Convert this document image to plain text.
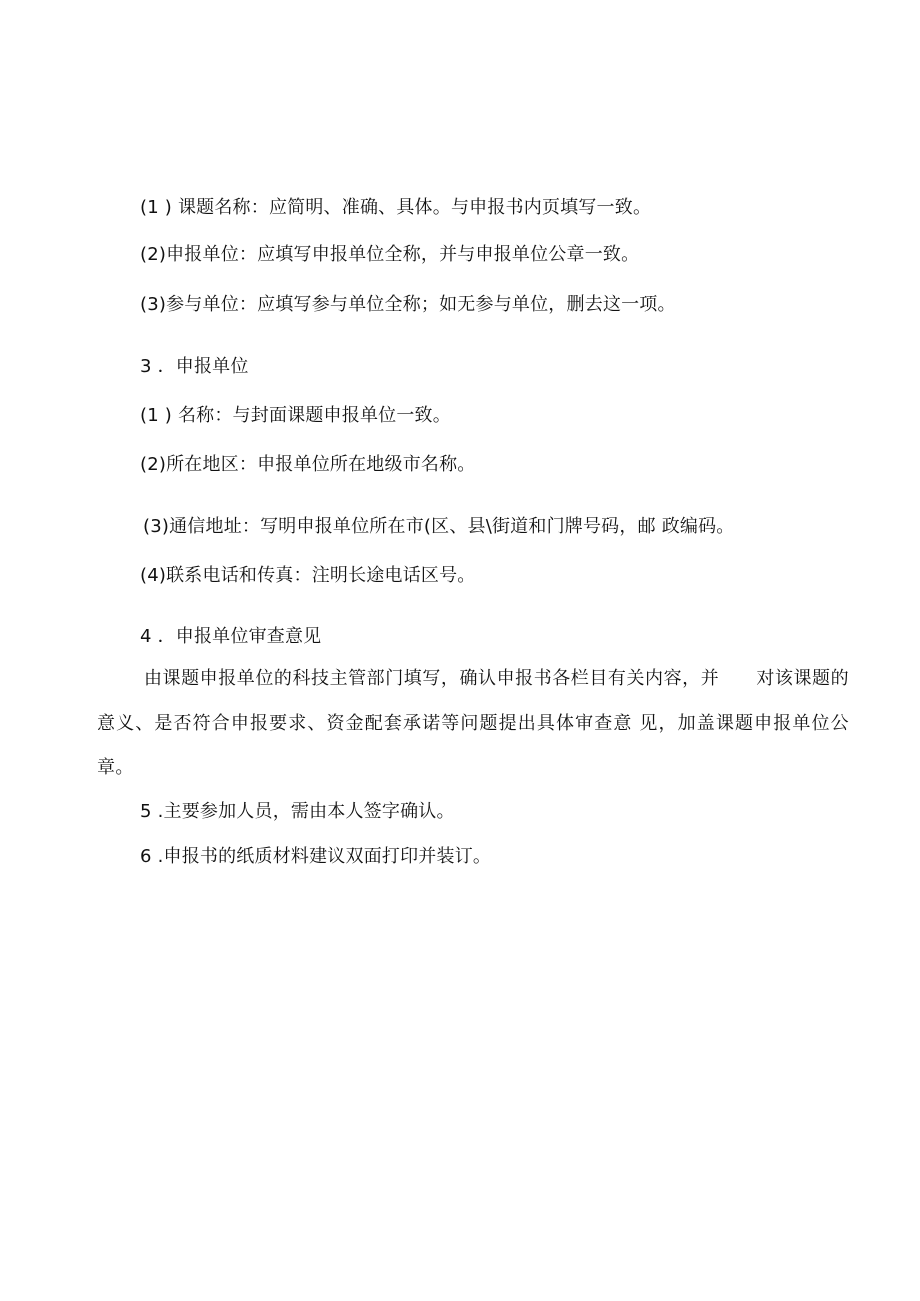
(1 ) 课题名称：应简明、准确、具体。与申报书内页填写一致。
(2)申报单位：应填写申报单位全称，并与申报单位公章一致。
(3)参与单位：应填写参与单位全称；如无参与单位，删去这一项。
3 ．申报单位
(1 ) 名称：与封面课题申报单位一致。
(2)所在地区：申报单位所在地级市名称。
(3)通信地址：写明申报单位所在市(区、县\街道和门牌号码，邮 政编码。
(4)联系电话和传真：注明长途电话区号。
4 ．申报单位审查意见
由课题申报单位的科技主管部门填写，确认申报书各栏目有关内容，并　　对该课题的意义、是否符合申报要求、资金配套承诺等问题提出具体审查意 见，加盖课题申报单位公章。
5 .主要参加人员，需由本人签字确认。
6 .申报书的纸质材料建议双面打印并装订。
